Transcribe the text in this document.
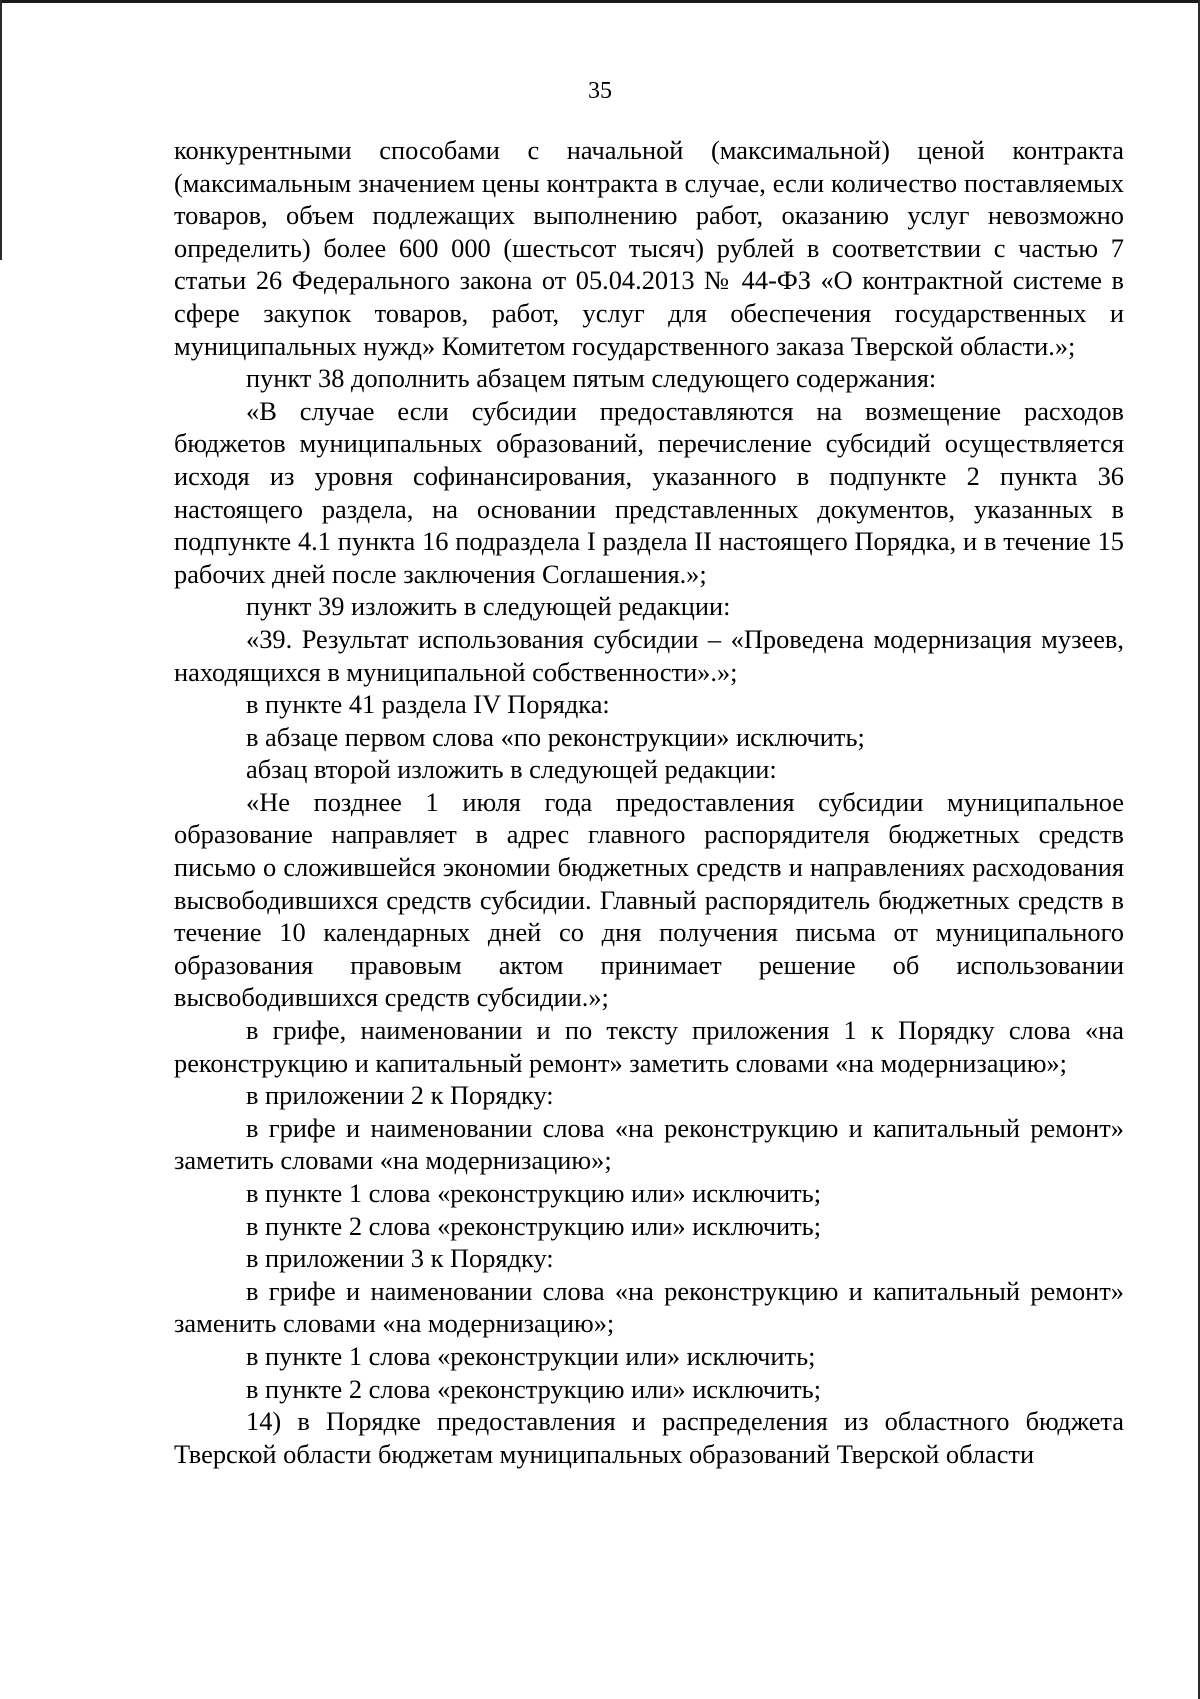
35

конкурентными способами с начальной (максимальной) ценой контракта (максимальным значением цены контракта в случае, если количество поставляемых товаров, объем подлежащих выполнению работ, оказанию услуг невозможно определить) более 600 000 (шестьсот тысяч) рублей в соответствии с частью 7 статьи 26 Федерального закона от 05.04.2013 № 44-ФЗ «О контрактной системе в сфере закупок товаров, работ, услуг для обеспечения государственных и муниципальных нужд» Комитетом государственного заказа Тверской области.»;

пункт 38 дополнить абзацем пятым следующего содержания:

«В случае если субсидии предоставляются на возмещение расходов бюджетов муниципальных образований, перечисление субсидий осуществляется исходя из уровня софинансирования, указанного в подпункте 2 пункта 36 настоящего раздела, на основании представленных документов, указанных в подпункте 4.1 пункта 16 подраздела I раздела II настоящего Порядка, и в течение 15 рабочих дней после заключения Соглашения.»;

пункт 39 изложить в следующей редакции:

«39. Результат использования субсидии – «Проведена модернизация музеев, находящихся в муниципальной собственности».»;

в пункте 41 раздела IV Порядка:

в абзаце первом слова «по реконструкции» исключить;

абзац второй изложить в следующей редакции:

«Не позднее 1 июля года предоставления субсидии муниципальное образование направляет в адрес главного распорядителя бюджетных средств письмо о сложившейся экономии бюджетных средств и направлениях расходования высвободившихся средств субсидии. Главный распорядитель бюджетных средств в течение 10 календарных дней со дня получения письма от муниципального образования правовым актом принимает решение об использовании высвободившихся средств субсидии.»;

в грифе, наименовании и по тексту приложения 1 к Порядку слова «на реконструкцию и капитальный ремонт» заметить словами «на модернизацию»;

в приложении 2 к Порядку:

в грифе и наименовании слова «на реконструкцию и капитальный ремонт» заметить словами «на модернизацию»;

в пункте 1 слова «реконструкцию или» исключить;

в пункте 2 слова «реконструкцию или» исключить;

в приложении 3 к Порядку:

в грифе и наименовании слова «на реконструкцию и капитальный ремонт» заменить словами «на модернизацию»;

в пункте 1 слова «реконструкции или» исключить;

в пункте 2 слова «реконструкцию или» исключить;

14) в Порядке предоставления и распределения из областного бюджета Тверской области бюджетам муниципальных образований Тверской области
